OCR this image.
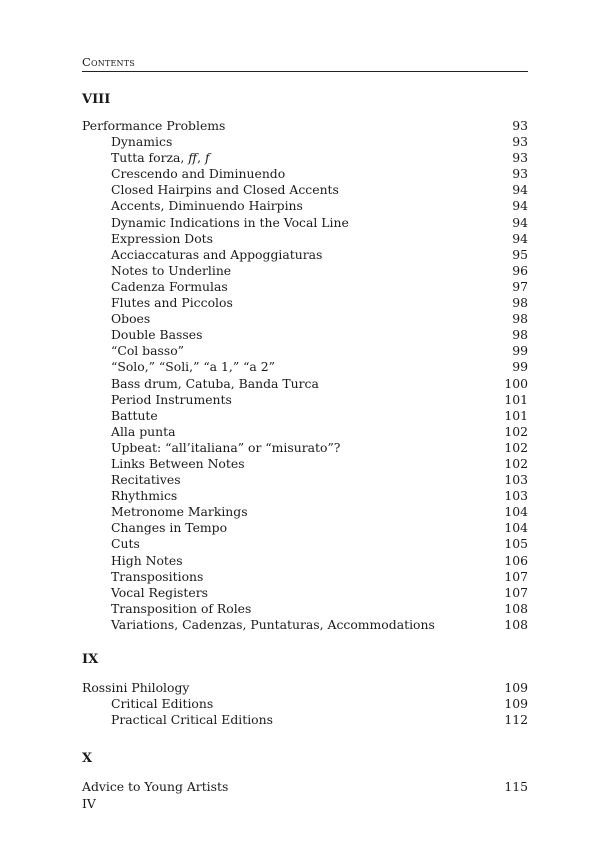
Contents
VIII
Performance Problems	93
Dynamics	93
Tutta forza, ff, f	93
Crescendo and Diminuendo	93
Closed Hairpins and Closed Accents	94
Accents, Diminuendo Hairpins	94
Dynamic Indications in the Vocal Line	94
Expression Dots	94
Acciaccaturas and Appoggiaturas	95
Notes to Underline	96
Cadenza Formulas	97
Flutes and Piccolos	98
Oboes	98
Double Basses	98
“Col basso”	99
“Solo,” “Soli,” “a 1,” “a 2”	99
Bass drum, Catuba, Banda Turca	100
Period Instruments	101
Battute	101
Alla punta	102
Upbeat: “all’italiana” or “misurato”?	102
Links Between Notes	102
Recitatives	103
Rhythmics	103
Metronome Markings	104
Changes in Tempo	104
Cuts	105
High Notes	106
Transpositions	107
Vocal Registers	107
Transposition of Roles	108
Variations, Cadenzas, Puntaturas, Accommodations	108
IX
Rossini Philology	109
Critical Editions	109
Practical Critical Editions	112
X
Advice to Young Artists	115
IV
